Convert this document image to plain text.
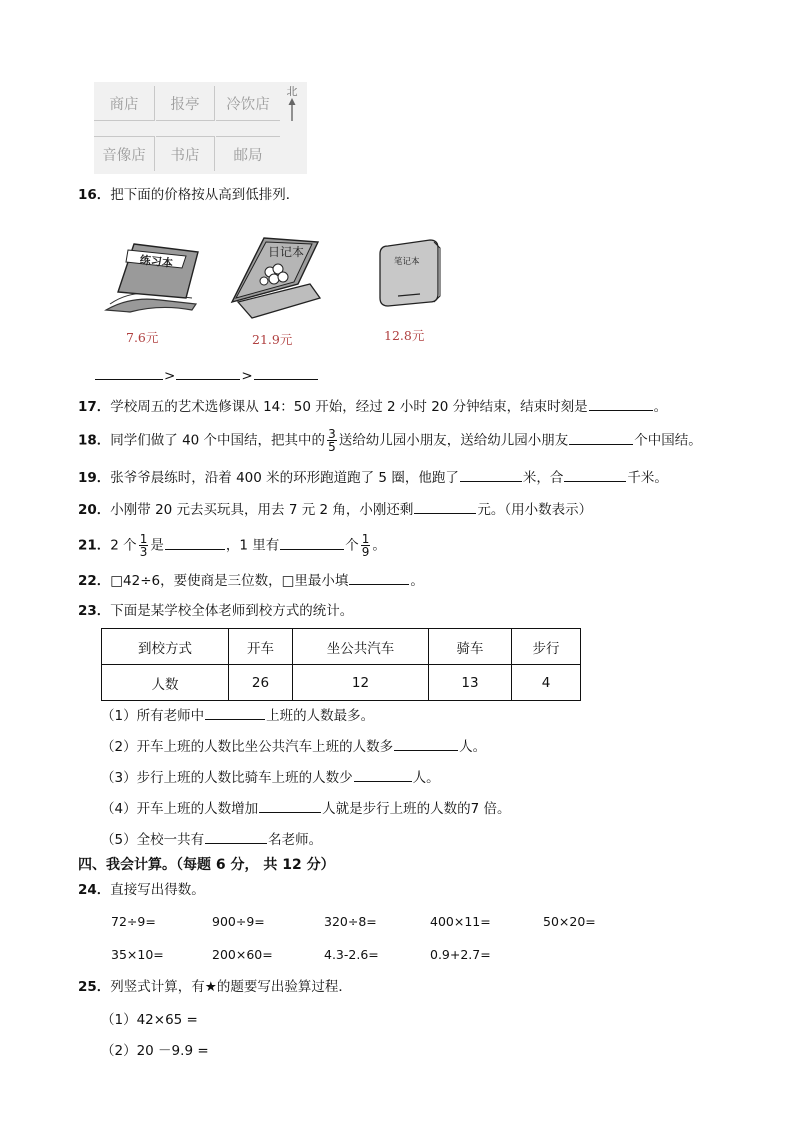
商店	报亭	冷饮店
音像店	书店	邮局
北
16．把下面的价格按从高到低排列．
练习本
7.6元
日记本
21.9元
笔记本
12.8元
>	>
17．学校周五的艺术选修课从 14：50 开始，经过 2 小时 20 分钟结束，结束时刻是	。
18．同学们做了 40 个中国结，把其中的 $\frac{3}{5}$ 送给幼儿园小朋友，送给幼儿园小朋友	个中国结。
19．张爷爷晨练时，沿着 400 米的环形跑道跑了 5 圈，他跑了	米，合	千米。
20．小刚带 20 元去买玩具，用去 7 元 2 角，小刚还剩	元。（用小数表示）
21．2 个 $\frac{1}{3}$ 是	，1 里有	个 $\frac{1}{9}$ 。
22．□42÷6，要使商是三位数，□里最小填	。
23．下面是某学校全体老师到校方式的统计。
到校方式	开车	坐公共汽车	骑车	步行
人数	26	12	13	4
（1）所有老师中	上班的人数最多。
（2）开车上班的人数比坐公共汽车上班的人数多	人。
（3）步行上班的人数比骑车上班的人数少	人。
（4）开车上班的人数增加	人就是步行上班的人数的7 倍。
（5）全校一共有	名老师。
四、我会计算。（每题 6 分， 共 12 分）
24．直接写出得数。
72÷9=	900÷9=	320÷8=	400×11=	50×20=
35×10=	200×60=	4.3-2.6=	0.9+2.7=
25．列竖式计算，有★的题要写出验算过程．
（1）42×65 =
（2）20 －9.9 =
